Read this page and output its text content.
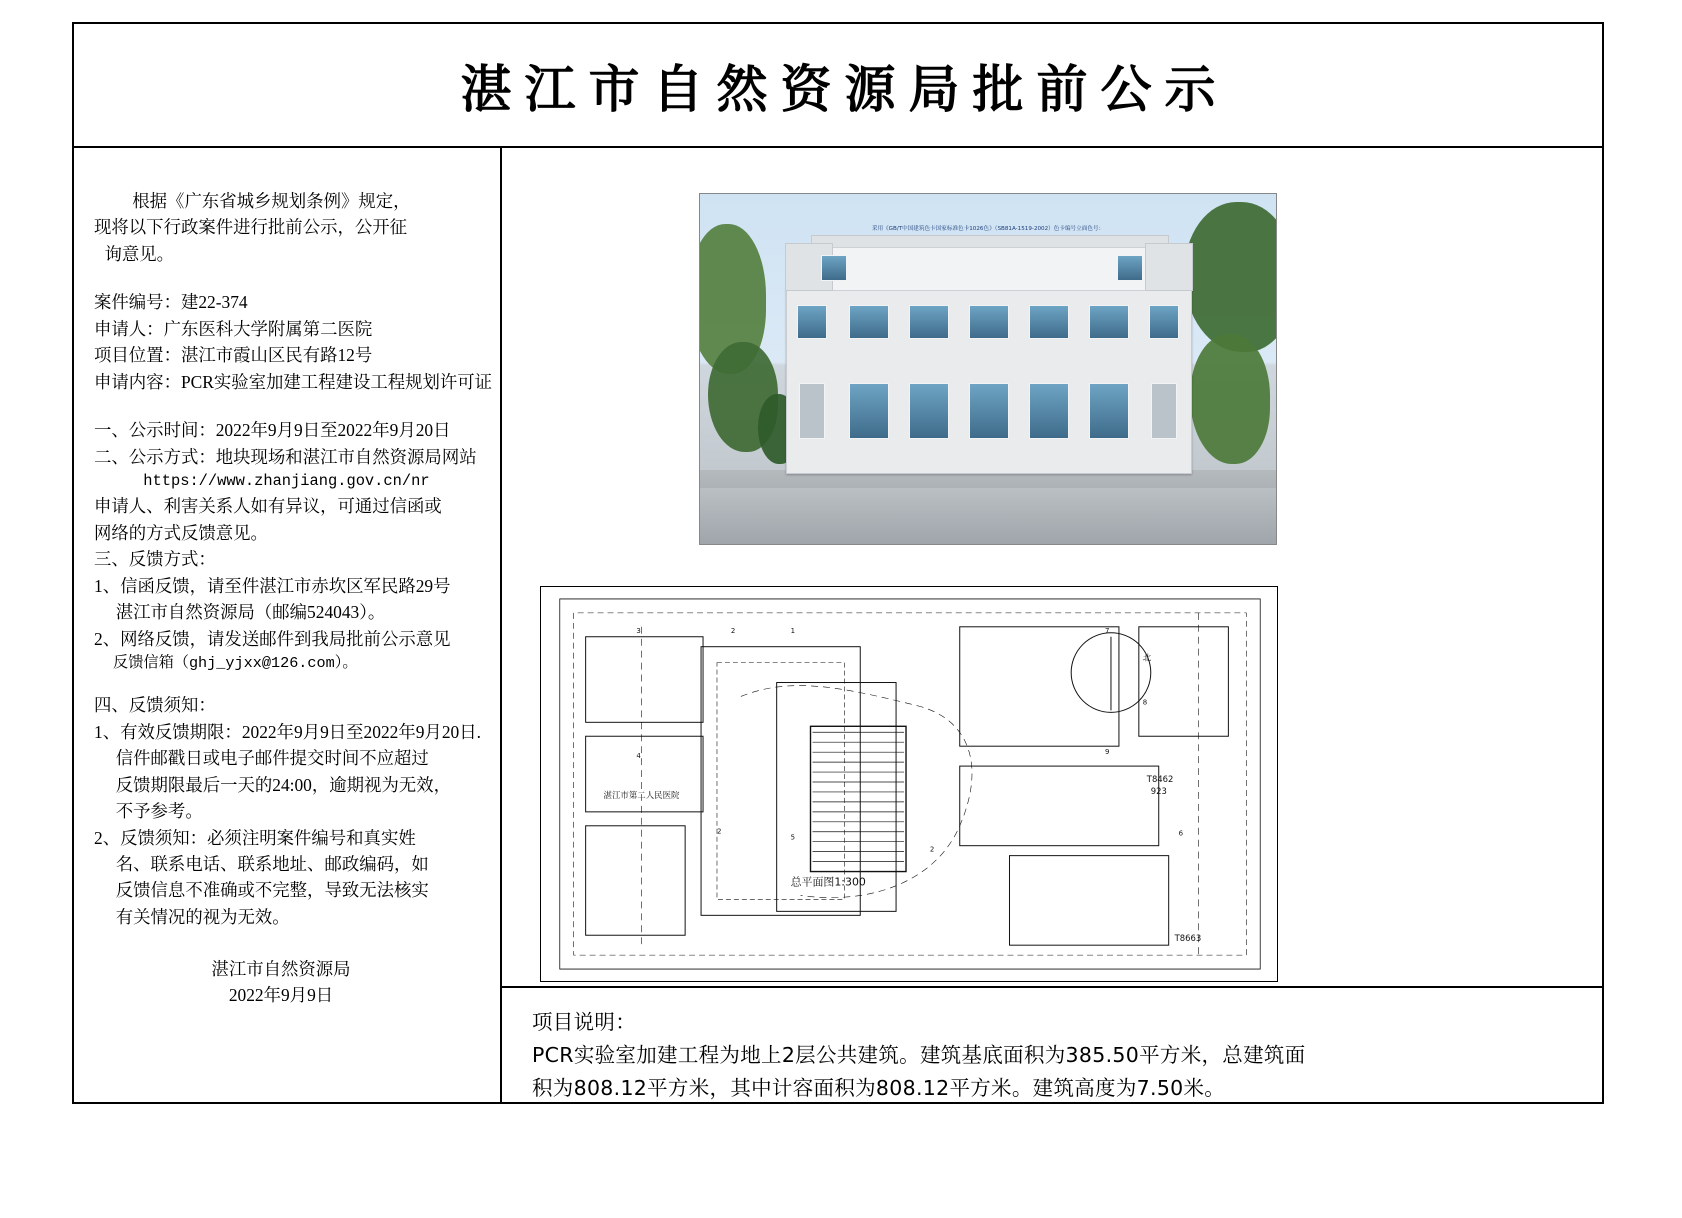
湛江市自然资源局批前公示

根据《广东省城乡规划条例》规定，
现将以下行政案件进行批前公示，公开征
询意见。

案件编号：建22-374

申请人：广东医科大学附属第二医院

项目位置：湛江市霞山区民有路12号

申请内容：PCR实验室加建工程建设工程规划许可证

一、公示时间：2022年9月9日至2022年9月20日

二、公示方式：地块现场和湛江市自然资源局网站

https://www.zhanjiang.gov.cn/nr

申请人、利害关系人如有异议，可通过信函或

网络的方式反馈意见。

三、反馈方式：

1、信函反馈，请至件湛江市赤坎区军民路29号

湛江市自然资源局（邮编524043）。

2、网络反馈，请发送邮件到我局批前公示意见

反馈信箱（ghj_yjxx@126.com）。

四、反馈须知：

1、有效反馈期限：2022年9月9日至2022年9月20日.

信件邮戳日或电子邮件提交时间不应超过

反馈期限最后一天的24:00，逾期视为无效，

不予参考。

2、反馈须知：必须注明案件编号和真实姓

名、联系电话、联系地址、邮政编码，如

反馈信息不准确或不完整，导致无法核实

有关情况的视为无效。

湛江市自然资源局
2022年9月9日
采用《GB/T中国建筑色卡国家标准色卡1026色》（SB81A-1519-2002）色卡编号立面色号：
3
4
2	1	7
8
9
6
5
2
2
T8462
923
T8663
湛江市第二人民医院
北
总平面图1:300

项目说明：

PCR实验室加建工程为地上2层公共建筑。建筑基底面积为385.50平方米，总建筑面

积为808.12平方米，其中计容面积为808.12平方米。建筑高度为7.50米。
